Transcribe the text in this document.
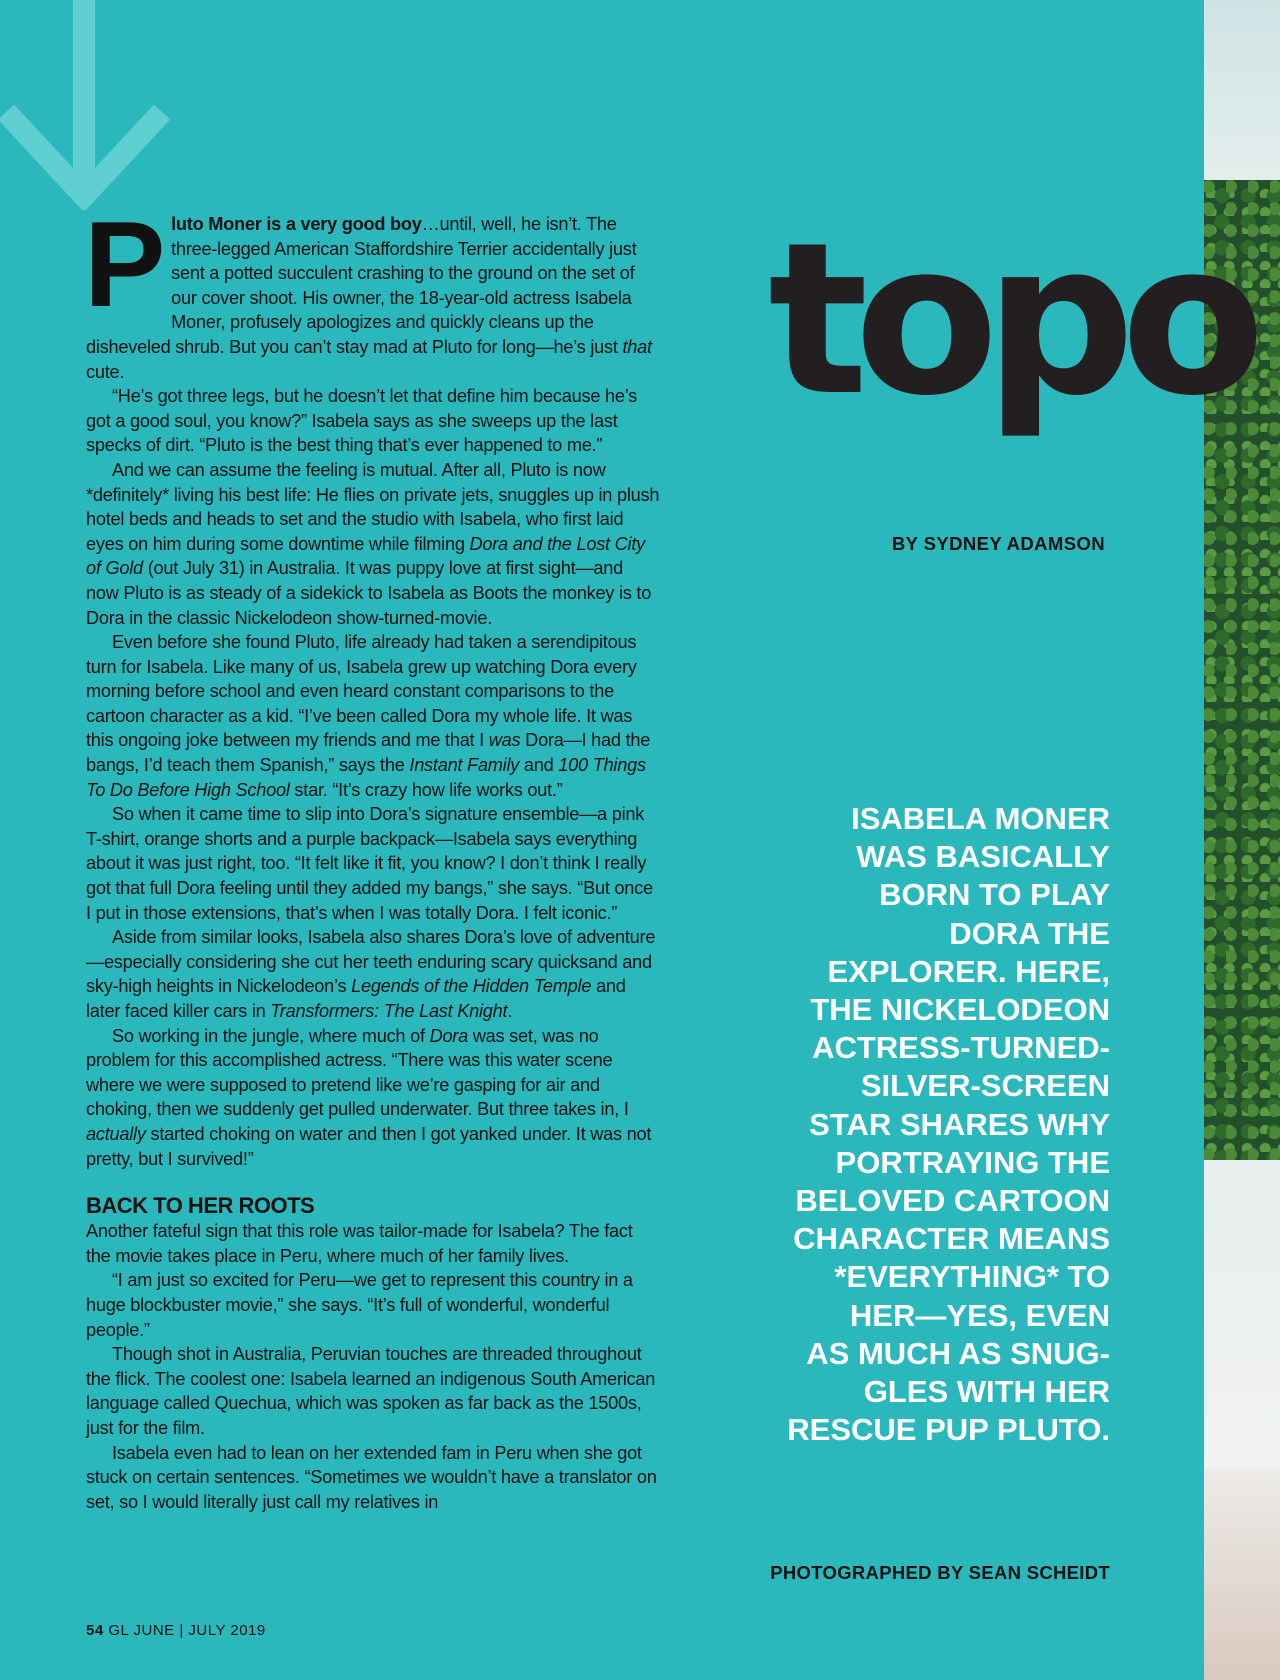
topo
BY SYDNEY ADAMSON
ISABELA MONER
WAS BASICALLY
BORN TO PLAY
DORA THE
EXPLORER. HERE,
THE NICKELODEON
ACTRESS-TURNED-
SILVER-SCREEN
STAR SHARES WHY
PORTRAYING THE
BELOVED CARTOON
CHARACTER MEANS
*EVERYTHING* TO
HER—YES, EVEN
AS MUCH AS SNUG-
GLES WITH HER
RESCUE PUP PLUTO.
PHOTOGRAPHED BY SEAN SCHEIDT

Pluto Moner is a very good boy…until, well, he isn’t. The three-legged American Staffordshire Terrier accidentally just sent a potted succulent crashing to the ground on the set of our cover shoot. His owner, the 18-year-old actress Isabela Moner, profusely apologizes and quickly cleans up the disheveled shrub. But you can’t stay mad at Pluto for long—he’s just that cute.

“He’s got three legs, but he doesn’t let that define him because he’s got a good soul, you know?” Isabela says as she sweeps up the last specks of dirt. “Pluto is the best thing that’s ever happened to me.”

And we can assume the feeling is mutual. After all, Pluto is now *definitely* living his best life: He flies on private jets, snuggles up in plush hotel beds and heads to set and the studio with Isabela, who first laid eyes on him during some downtime while filming Dora and the Lost City of Gold (out July 31) in Australia. It was puppy love at first sight—and now Pluto is as steady of a sidekick to Isabela as Boots the monkey is to Dora in the classic Nickelodeon show-turned-movie.

Even before she found Pluto, life already had taken a serendipitous turn for Isabela. Like many of us, Isabela grew up watching Dora every morning before school and even heard constant comparisons to the cartoon character as a kid. “I’ve been called Dora my whole life. It was this ongoing joke between my friends and me that I was Dora—I had the bangs, I’d teach them Spanish,” says the Instant Family and 100 Things To Do Before High School star. “It’s crazy how life works out.”

So when it came time to slip into Dora’s signature ensemble—a pink T-shirt, orange shorts and a purple backpack—Isabela says everything about it was just right, too. “It felt like it fit, you know? I don’t think I really got that full Dora feeling until they added my bangs,” she says. “But once I put in those extensions, that’s when I was totally Dora. I felt iconic.”

Aside from similar looks, Isabela also shares Dora’s love of adventure—especially considering she cut her teeth enduring scary quicksand and sky-high heights in Nickelodeon’s Legends of the Hidden Temple and later faced killer cars in Transformers: The Last Knight.

So working in the jungle, where much of Dora was set, was no problem for this accomplished actress. “There was this water scene where we were supposed to pretend like we’re gasping for air and choking, then we suddenly get pulled underwater. But three takes in, I actually started choking on water and then I got yanked under. It was not pretty, but I survived!”

BACK TO HER ROOTS

Another fateful sign that this role was tailor-made for Isabela? The fact the movie takes place in Peru, where much of her family lives.

“I am just so excited for Peru—we get to represent this country in a huge blockbuster movie,” she says. “It’s full of wonderful, wonderful people.”

Though shot in Australia, Peruvian touches are threaded throughout the flick. The coolest one: Isabela learned an indigenous South American language called Quechua, which was spoken as far back as the 1500s, just for the film.

Isabela even had to lean on her extended fam in Peru when she got stuck on certain sentences. “Sometimes we wouldn’t have a translator on set, so I would literally just call my relatives in

54 GL JUNE | JULY 2019
